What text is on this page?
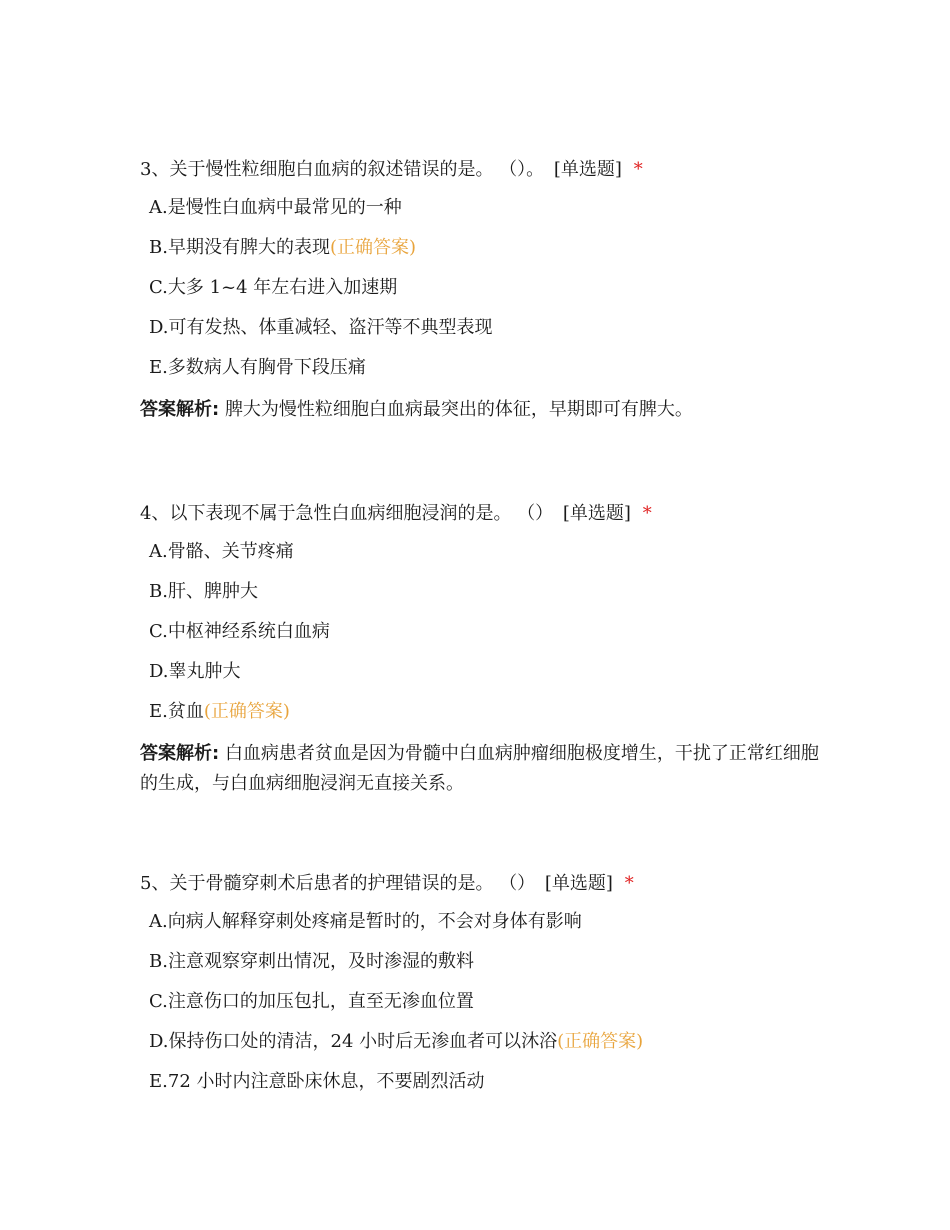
3、关于慢性粒细胞白血病的叙述错误的是。 （）。 [单选题] *

A.是慢性白血病中最常见的一种
B.早期没有脾大的表现(正确答案)
C.大多 1~4 年左右进入加速期
D.可有发热、体重减轻、盗汗等不典型表现
E.多数病人有胸骨下段压痛

答案解析: 脾大为慢性粒细胞白血病最突出的体征，早期即可有脾大。

4、以下表现不属于急性白血病细胞浸润的是。 （） [单选题] *

A.骨骼、关节疼痛
B.肝、脾肿大
C.中枢神经系统白血病
D.睾丸肿大
E.贫血(正确答案)

答案解析: 白血病患者贫血是因为骨髓中白血病肿瘤细胞极度增生，干扰了正常红细胞的生成，与白血病细胞浸润无直接关系。

5、关于骨髓穿刺术后患者的护理错误的是。 （） [单选题] *

A.向病人解释穿刺处疼痛是暂时的，不会对身体有影响
B.注意观察穿刺出情况，及时渗湿的敷料
C.注意伤口的加压包扎，直至无渗血位置
D.保持伤口处的清洁，24 小时后无渗血者可以沐浴(正确答案)
E.72 小时内注意卧床休息，不要剧烈活动
